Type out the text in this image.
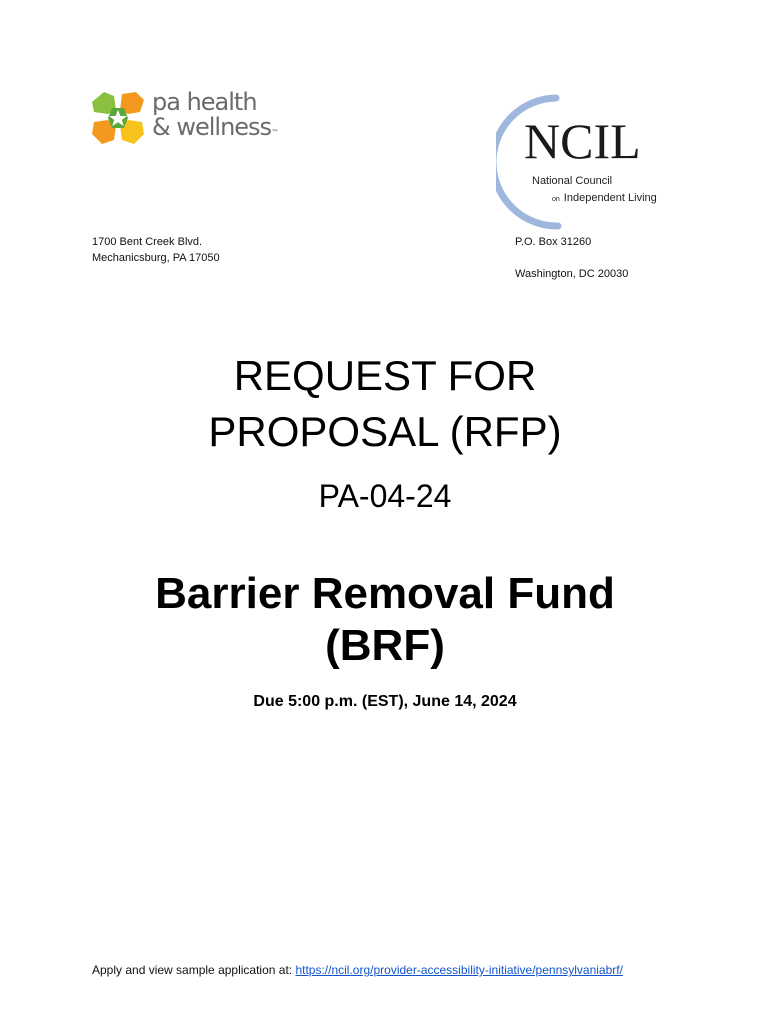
pa health
& wellness™	NCIL
National Council
on Independent Living
1700 Bent Creek Blvd.
Mechanicsburg, PA 17050
P.O. Box 31260
Washington, DC 20030
REQUEST FOR
PROPOSAL (RFP)
PA-04-24
Barrier Removal Fund
(BRF)
Due 5:00 p.m. (EST), June 14, 2024
Apply and view sample application at: https://ncil.org/provider-accessibility-initiative/pennsylvaniabrf/
